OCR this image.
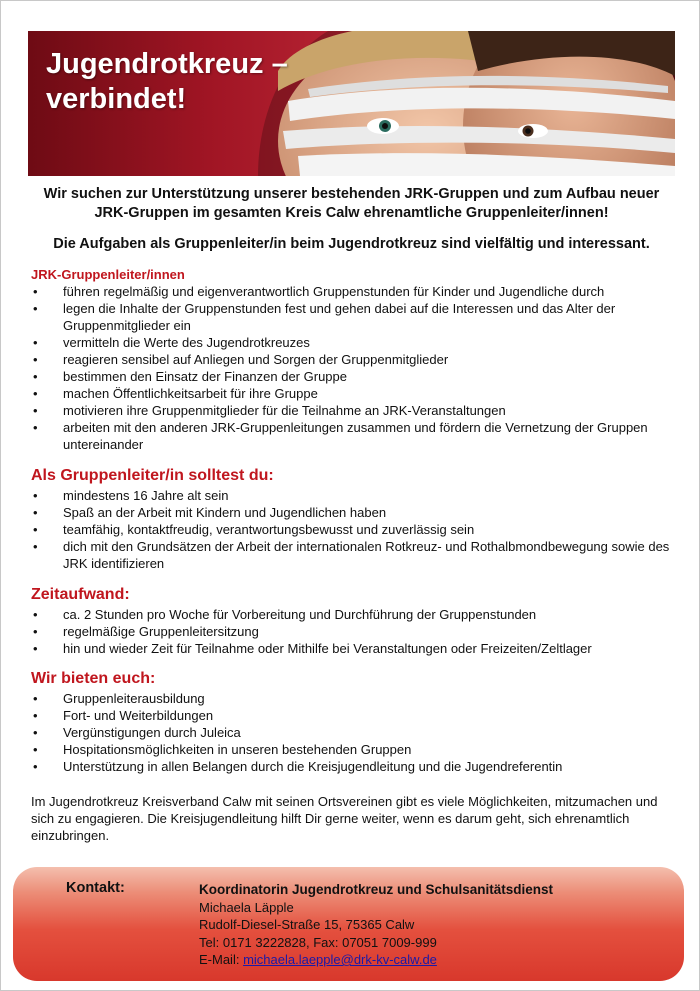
Jugendrotkreuz –
verbindet!
Wir suchen zur Unterstützung unserer bestehenden JRK-Gruppen und zum Aufbau neuer JRK-Gruppen im gesamten Kreis Calw ehrenamtliche Gruppenleiter/innen!
Die Aufgaben als Gruppenleiter/in beim Jugendrotkreuz sind vielfältig und interessant.
JRK-Gruppenleiter/innen
• führen regelmäßig und eigenverantwortlich Gruppenstunden für Kinder und Jugendliche durch
• legen die Inhalte der Gruppenstunden fest und gehen dabei auf die Interessen und das Alter der Gruppenmitglieder ein
• vermitteln die Werte des Jugendrotkreuzes
• reagieren sensibel auf Anliegen und Sorgen der Gruppenmitglieder
• bestimmen den Einsatz der Finanzen der Gruppe
• machen Öffentlichkeitsarbeit für ihre Gruppe
• motivieren ihre Gruppenmitglieder für die Teilnahme an JRK-Veranstaltungen
• arbeiten mit den anderen JRK-Gruppenleitungen zusammen und fördern die Vernetzung der Gruppen untereinander
Als Gruppenleiter/in solltest du:
• mindestens 16 Jahre alt sein
• Spaß an der Arbeit mit Kindern und Jugendlichen haben
• teamfähig, kontaktfreudig, verantwortungsbewusst und zuverlässig sein
• dich mit den Grundsätzen der Arbeit der internationalen Rotkreuz- und Rothalbmondbewegung sowie des JRK identifizieren
Zeitaufwand:
• ca. 2 Stunden pro Woche für Vorbereitung und Durchführung der Gruppenstunden
• regelmäßige Gruppenleitersitzung
• hin und wieder Zeit für Teilnahme oder Mithilfe bei Veranstaltungen oder Freizeiten/Zeltlager
Wir bieten euch:
• Gruppenleiterausbildung
• Fort- und Weiterbildungen
• Vergünstigungen durch Juleica
• Hospitationsmöglichkeiten in unseren bestehenden Gruppen
• Unterstützung in allen Belangen durch die Kreisjugendleitung und die Jugendreferentin
Im Jugendrotkreuz Kreisverband Calw mit seinen Ortsvereinen gibt es viele Möglichkeiten, mitzumachen und sich zu engagieren. Die Kreisjugendleitung hilft Dir gerne weiter, wenn es darum geht, sich ehrenamtlich einzubringen.
Kontakt:	Koordinatorin Jugendrotkreuz und Schulsanitätsdienst
Michaela Läpple
Rudolf-Diesel-Straße 15, 75365 Calw
Tel: 0171 3222828, Fax: 07051 7009-999
E-Mail: michaela.laepple@drk-kv-calw.de
